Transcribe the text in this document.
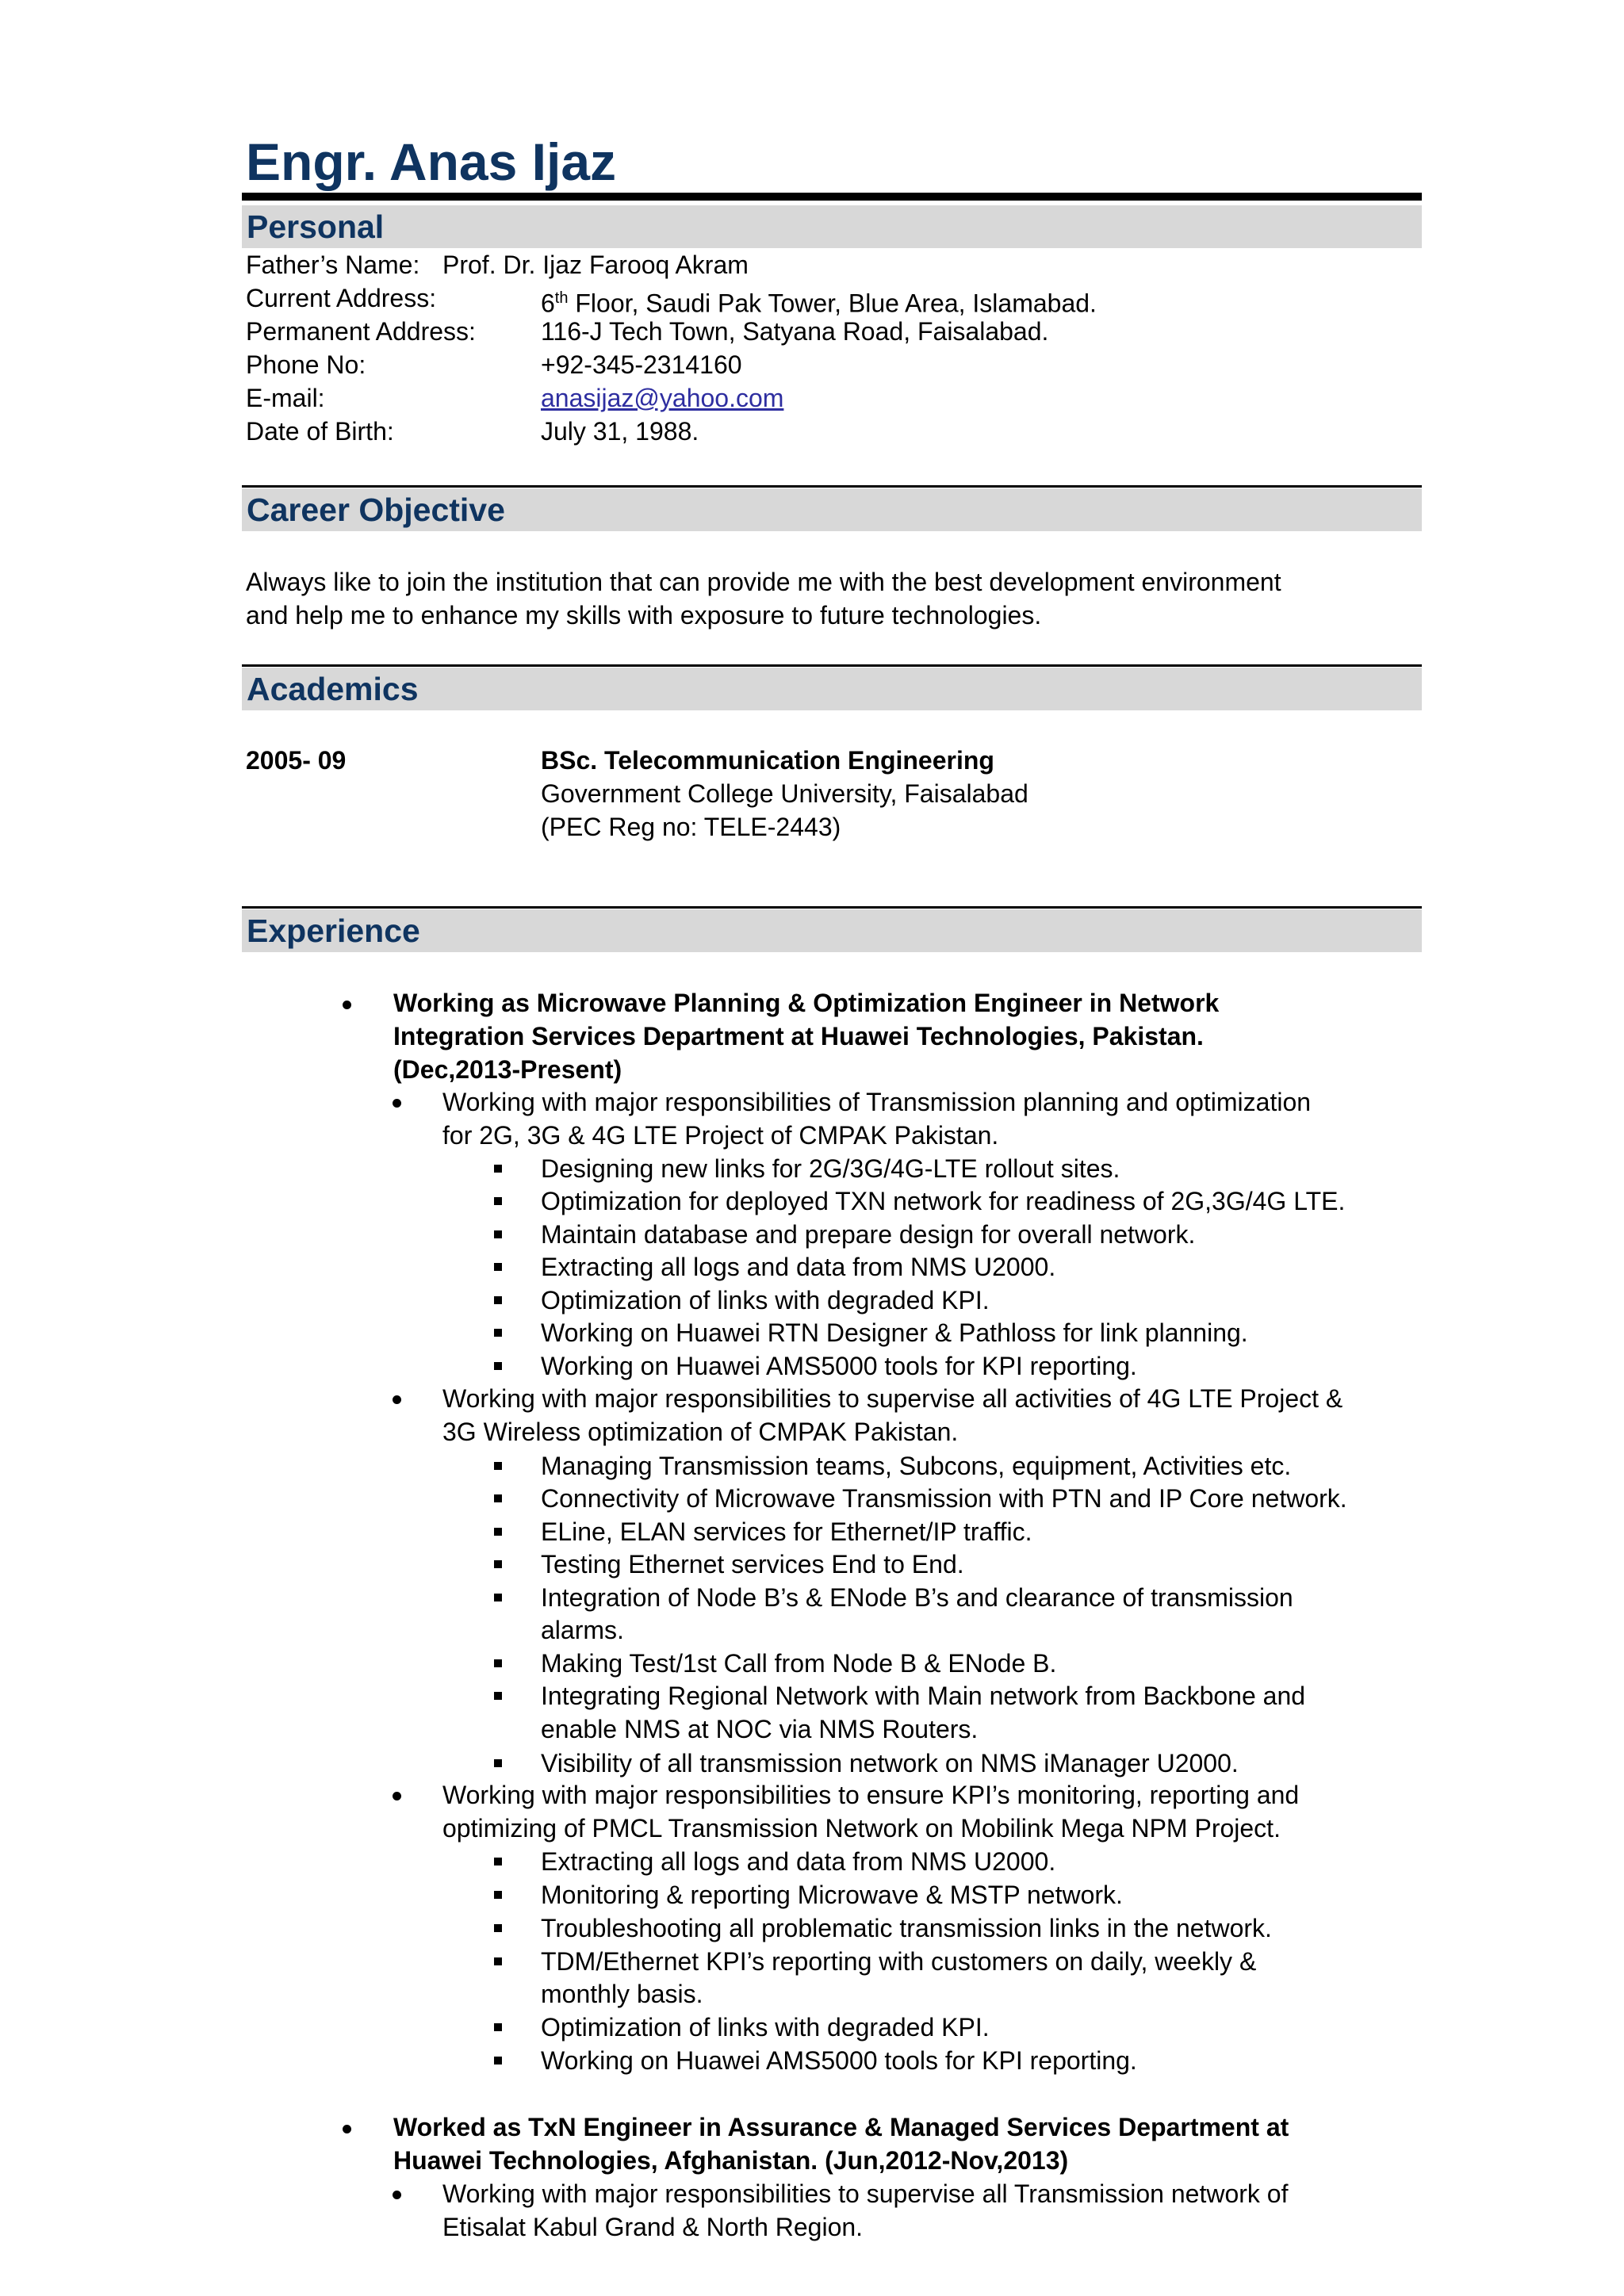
Engr. Anas Ijaz
Personal
Father’s Name: Prof. Dr. Ijaz Farooq Akram
Current Address:	6th Floor, Saudi Pak Tower, Blue Area, Islamabad.
Permanent Address:	116-J Tech Town, Satyana Road, Faisalabad.
Phone No:	+92-345-2314160
E-mail:	anasijaz@yahoo.com
Date of Birth:	July 31, 1988.
Career Objective
Always like to join the institution that can provide me with the best development environment
and help me to enhance my skills with exposure to future technologies.
Academics
2005- 09	BSc. Telecommunication Engineering
Government College University, Faisalabad
(PEC Reg no: TELE-2443)
Experience
Working as Microwave Planning & Optimization Engineer in Network
Integration Services Department at Huawei Technologies, Pakistan.
(Dec,2013-Present)
Working with major responsibilities of Transmission planning and optimization
for 2G, 3G & 4G LTE Project of CMPAK Pakistan.
Designing new links for 2G/3G/4G-LTE rollout sites.
Optimization for deployed TXN network for readiness of 2G,3G/4G LTE.
Maintain database and prepare design for overall network.
Extracting all logs and data from NMS U2000.
Optimization of links with degraded KPI.
Working on Huawei RTN Designer & Pathloss for link planning.
Working on Huawei AMS5000 tools for KPI reporting.
Working with major responsibilities to supervise all activities of 4G LTE Project &
3G Wireless optimization of CMPAK Pakistan.
Managing Transmission teams, Subcons, equipment, Activities etc.
Connectivity of Microwave Transmission with PTN and IP Core network.
ELine, ELAN services for Ethernet/IP traffic.
Testing Ethernet services End to End.
Integration of Node B’s & ENode B’s and clearance of transmission
alarms.
Making Test/1st Call from Node B & ENode B.
Integrating Regional Network with Main network from Backbone and
enable NMS at NOC via NMS Routers.
Visibility of all transmission network on NMS iManager U2000.
Working with major responsibilities to ensure KPI’s monitoring, reporting and
optimizing of PMCL Transmission Network on Mobilink Mega NPM Project.
Extracting all logs and data from NMS U2000.
Monitoring & reporting Microwave & MSTP network.
Troubleshooting all problematic transmission links in the network.
TDM/Ethernet KPI’s reporting with customers on daily, weekly &
monthly basis.
Optimization of links with degraded KPI.
Working on Huawei AMS5000 tools for KPI reporting.
Worked as TxN Engineer in Assurance & Managed Services Department at
Huawei Technologies, Afghanistan. (Jun,2012-Nov,2013)
Working with major responsibilities to supervise all Transmission network of
Etisalat Kabul Grand & North Region.
